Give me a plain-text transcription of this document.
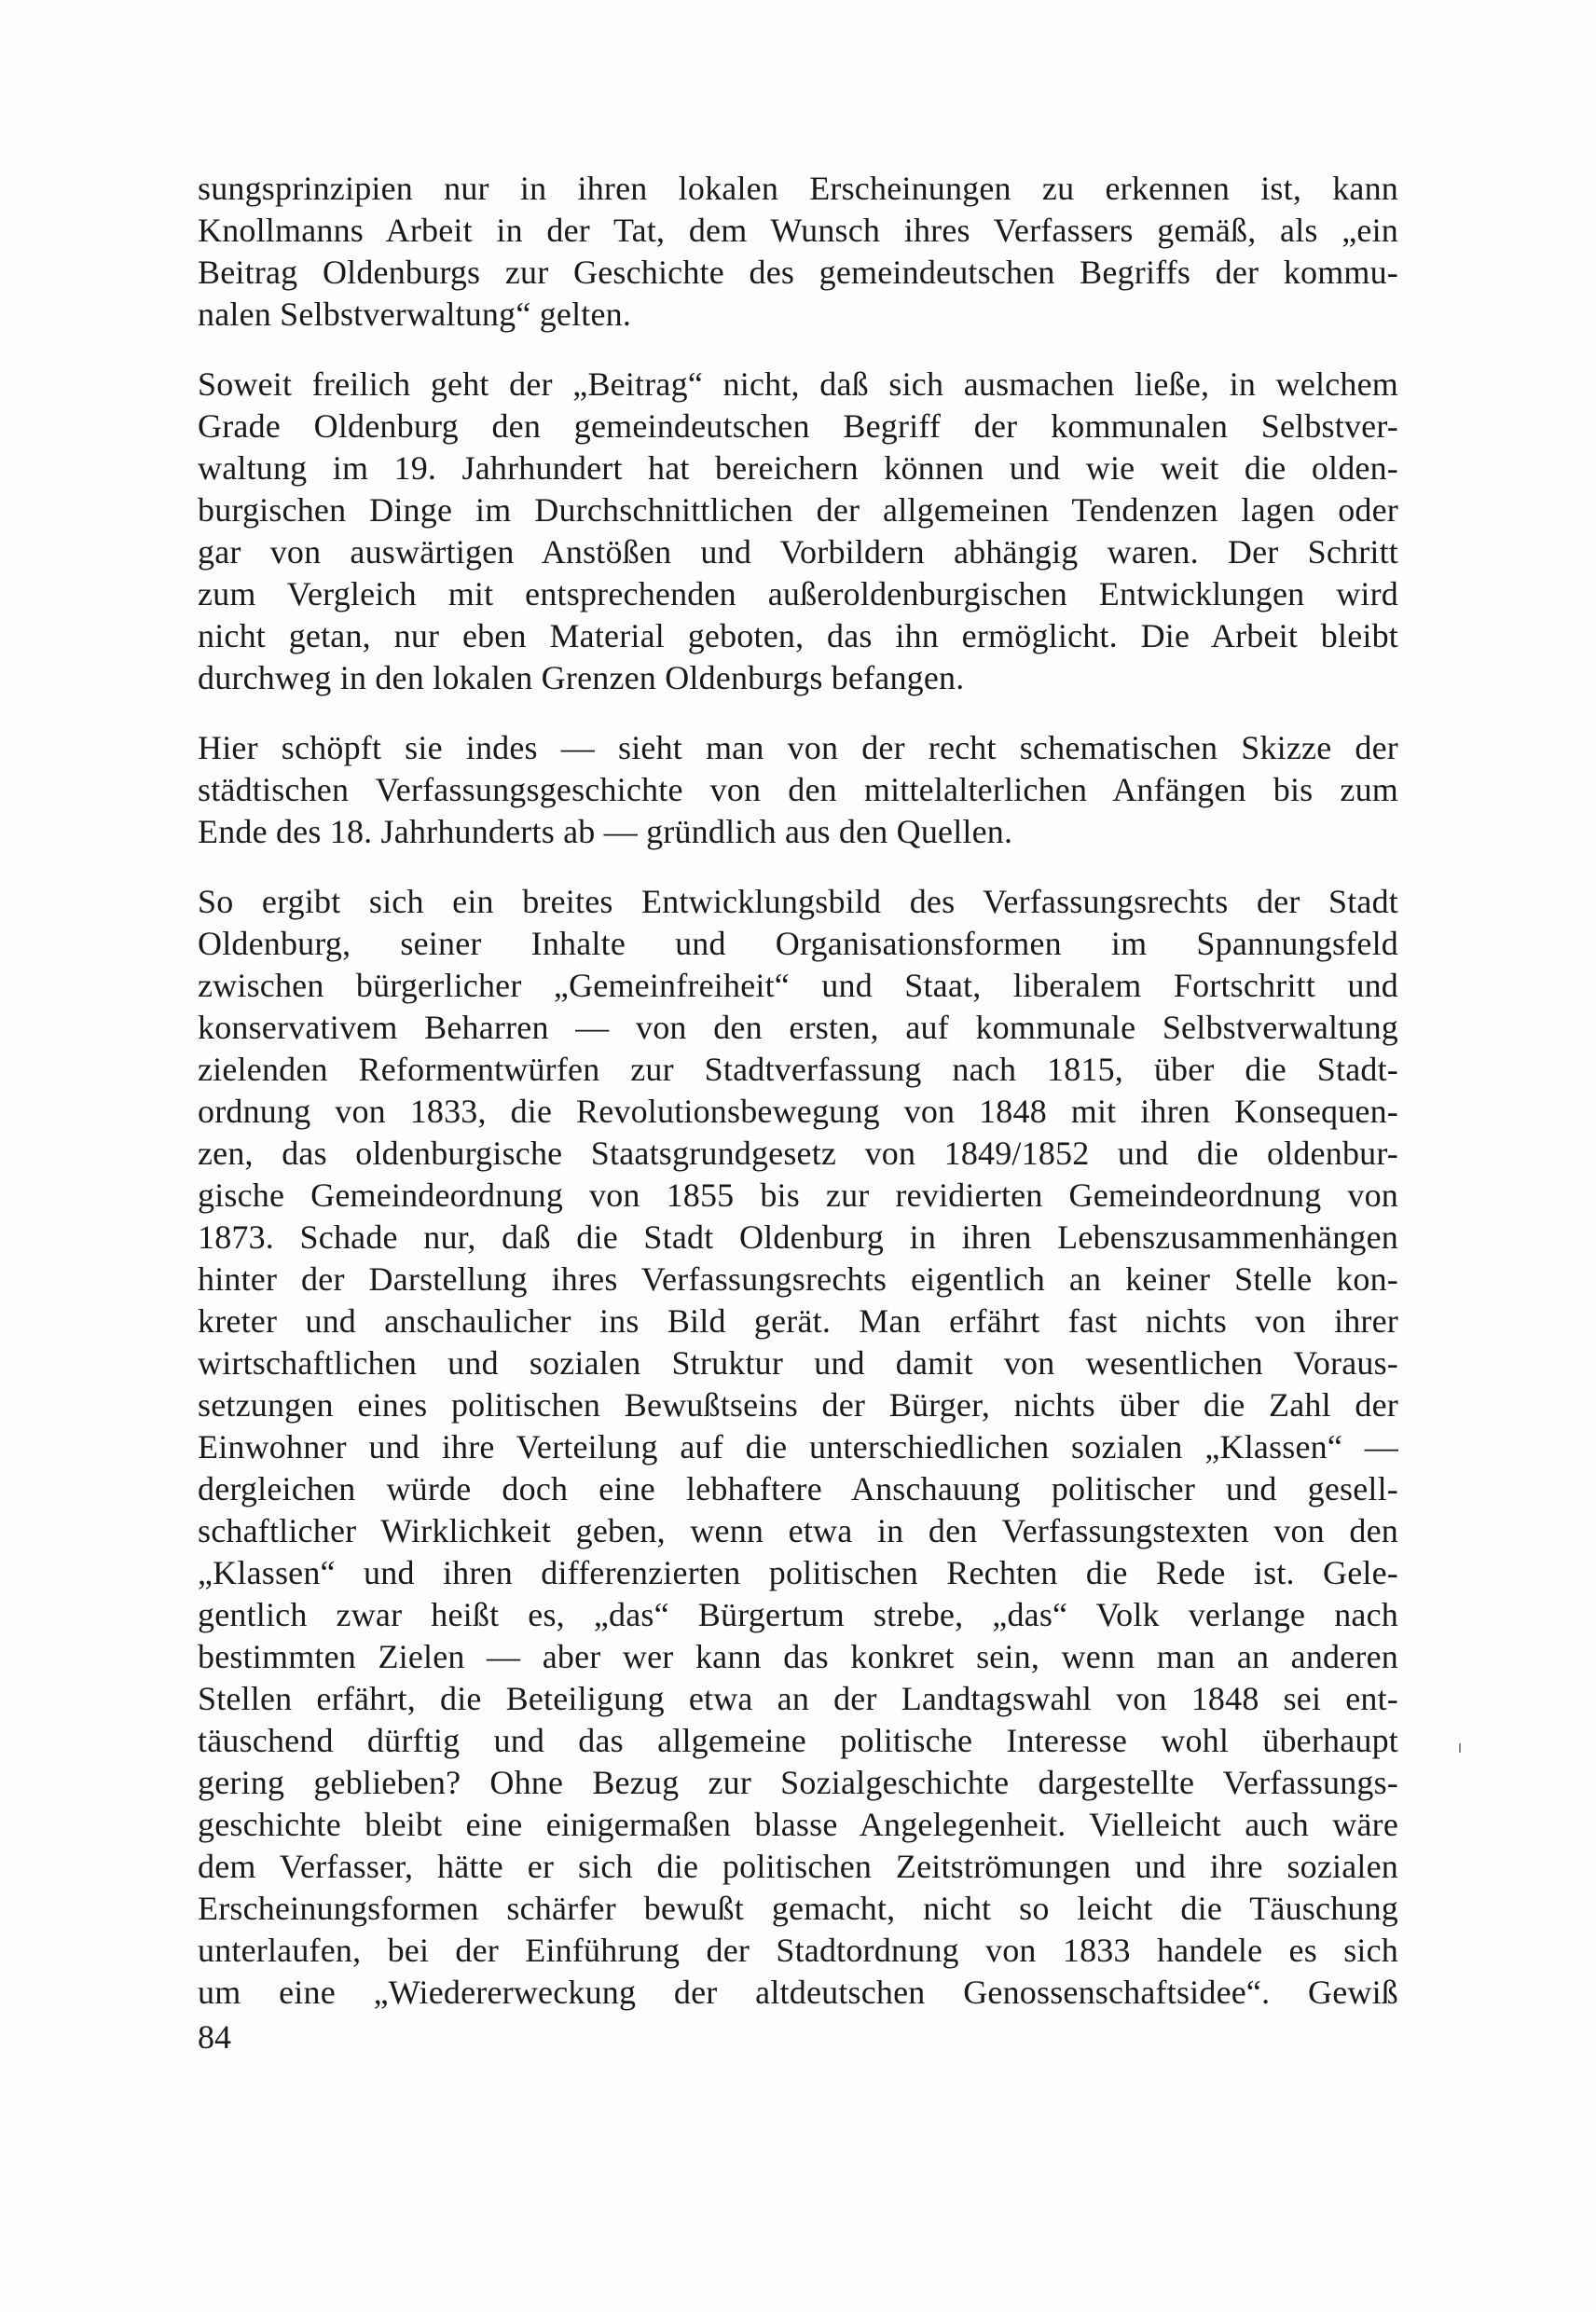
sungsprinzipien nur in ihren lokalen Erscheinungen zu erkennen ist, kann
Knollmanns Arbeit in der Tat, dem Wunsch ihres Verfassers gemäß, als „ein
Beitrag Oldenburgs zur Geschichte des gemeindeutschen Begriffs der kommu-
nalen Selbstverwaltung“ gelten.
Soweit freilich geht der „Beitrag“ nicht, daß sich ausmachen ließe, in welchem
Grade Oldenburg den gemeindeutschen Begriff der kommunalen Selbstver-
waltung im 19. Jahrhundert hat bereichern können und wie weit die olden-
burgischen Dinge im Durchschnittlichen der allgemeinen Tendenzen lagen oder
gar von auswärtigen Anstößen und Vorbildern abhängig waren. Der Schritt
zum Vergleich mit entsprechenden außeroldenburgischen Entwicklungen wird
nicht getan, nur eben Material geboten, das ihn ermöglicht. Die Arbeit bleibt
durchweg in den lokalen Grenzen Oldenburgs befangen.
Hier schöpft sie indes — sieht man von der recht schematischen Skizze der
städtischen Verfassungsgeschichte von den mittelalterlichen Anfängen bis zum
Ende des 18. Jahrhunderts ab — gründlich aus den Quellen.
So ergibt sich ein breites Entwicklungsbild des Verfassungsrechts der Stadt
Oldenburg, seiner Inhalte und Organisationsformen im Spannungsfeld
zwischen bürgerlicher „Gemeinfreiheit“ und Staat, liberalem Fortschritt und
konservativem Beharren — von den ersten, auf kommunale Selbstverwaltung
zielenden Reformentwürfen zur Stadtverfassung nach 1815, über die Stadt-
ordnung von 1833, die Revolutionsbewegung von 1848 mit ihren Konsequen-
zen, das oldenburgische Staatsgrundgesetz von 1849/1852 und die oldenbur-
gische Gemeindeordnung von 1855 bis zur revidierten Gemeindeordnung von
1873. Schade nur, daß die Stadt Oldenburg in ihren Lebenszusammenhängen
hinter der Darstellung ihres Verfassungsrechts eigentlich an keiner Stelle kon-
kreter und anschaulicher ins Bild gerät. Man erfährt fast nichts von ihrer
wirtschaftlichen und sozialen Struktur und damit von wesentlichen Voraus-
setzungen eines politischen Bewußtseins der Bürger, nichts über die Zahl der
Einwohner und ihre Verteilung auf die unterschiedlichen sozialen „Klassen“ —
dergleichen würde doch eine lebhaftere Anschauung politischer und gesell-
schaftlicher Wirklichkeit geben, wenn etwa in den Verfassungstexten von den
„Klassen“ und ihren differenzierten politischen Rechten die Rede ist. Gele-
gentlich zwar heißt es, „das“ Bürgertum strebe, „das“ Volk verlange nach
bestimmten Zielen — aber wer kann das konkret sein, wenn man an anderen
Stellen erfährt, die Beteiligung etwa an der Landtagswahl von 1848 sei ent-
täuschend dürftig und das allgemeine politische Interesse wohl überhaupt
gering geblieben? Ohne Bezug zur Sozialgeschichte dargestellte Verfassungs-
geschichte bleibt eine einigermaßen blasse Angelegenheit. Vielleicht auch wäre
dem Verfasser, hätte er sich die politischen Zeitströmungen und ihre sozialen
Erscheinungsformen schärfer bewußt gemacht, nicht so leicht die Täuschung
unterlaufen, bei der Einführung der Stadtordnung von 1833 handele es sich
um eine „Wiedererweckung der altdeutschen Genossenschaftsidee“. Gewiß
84
